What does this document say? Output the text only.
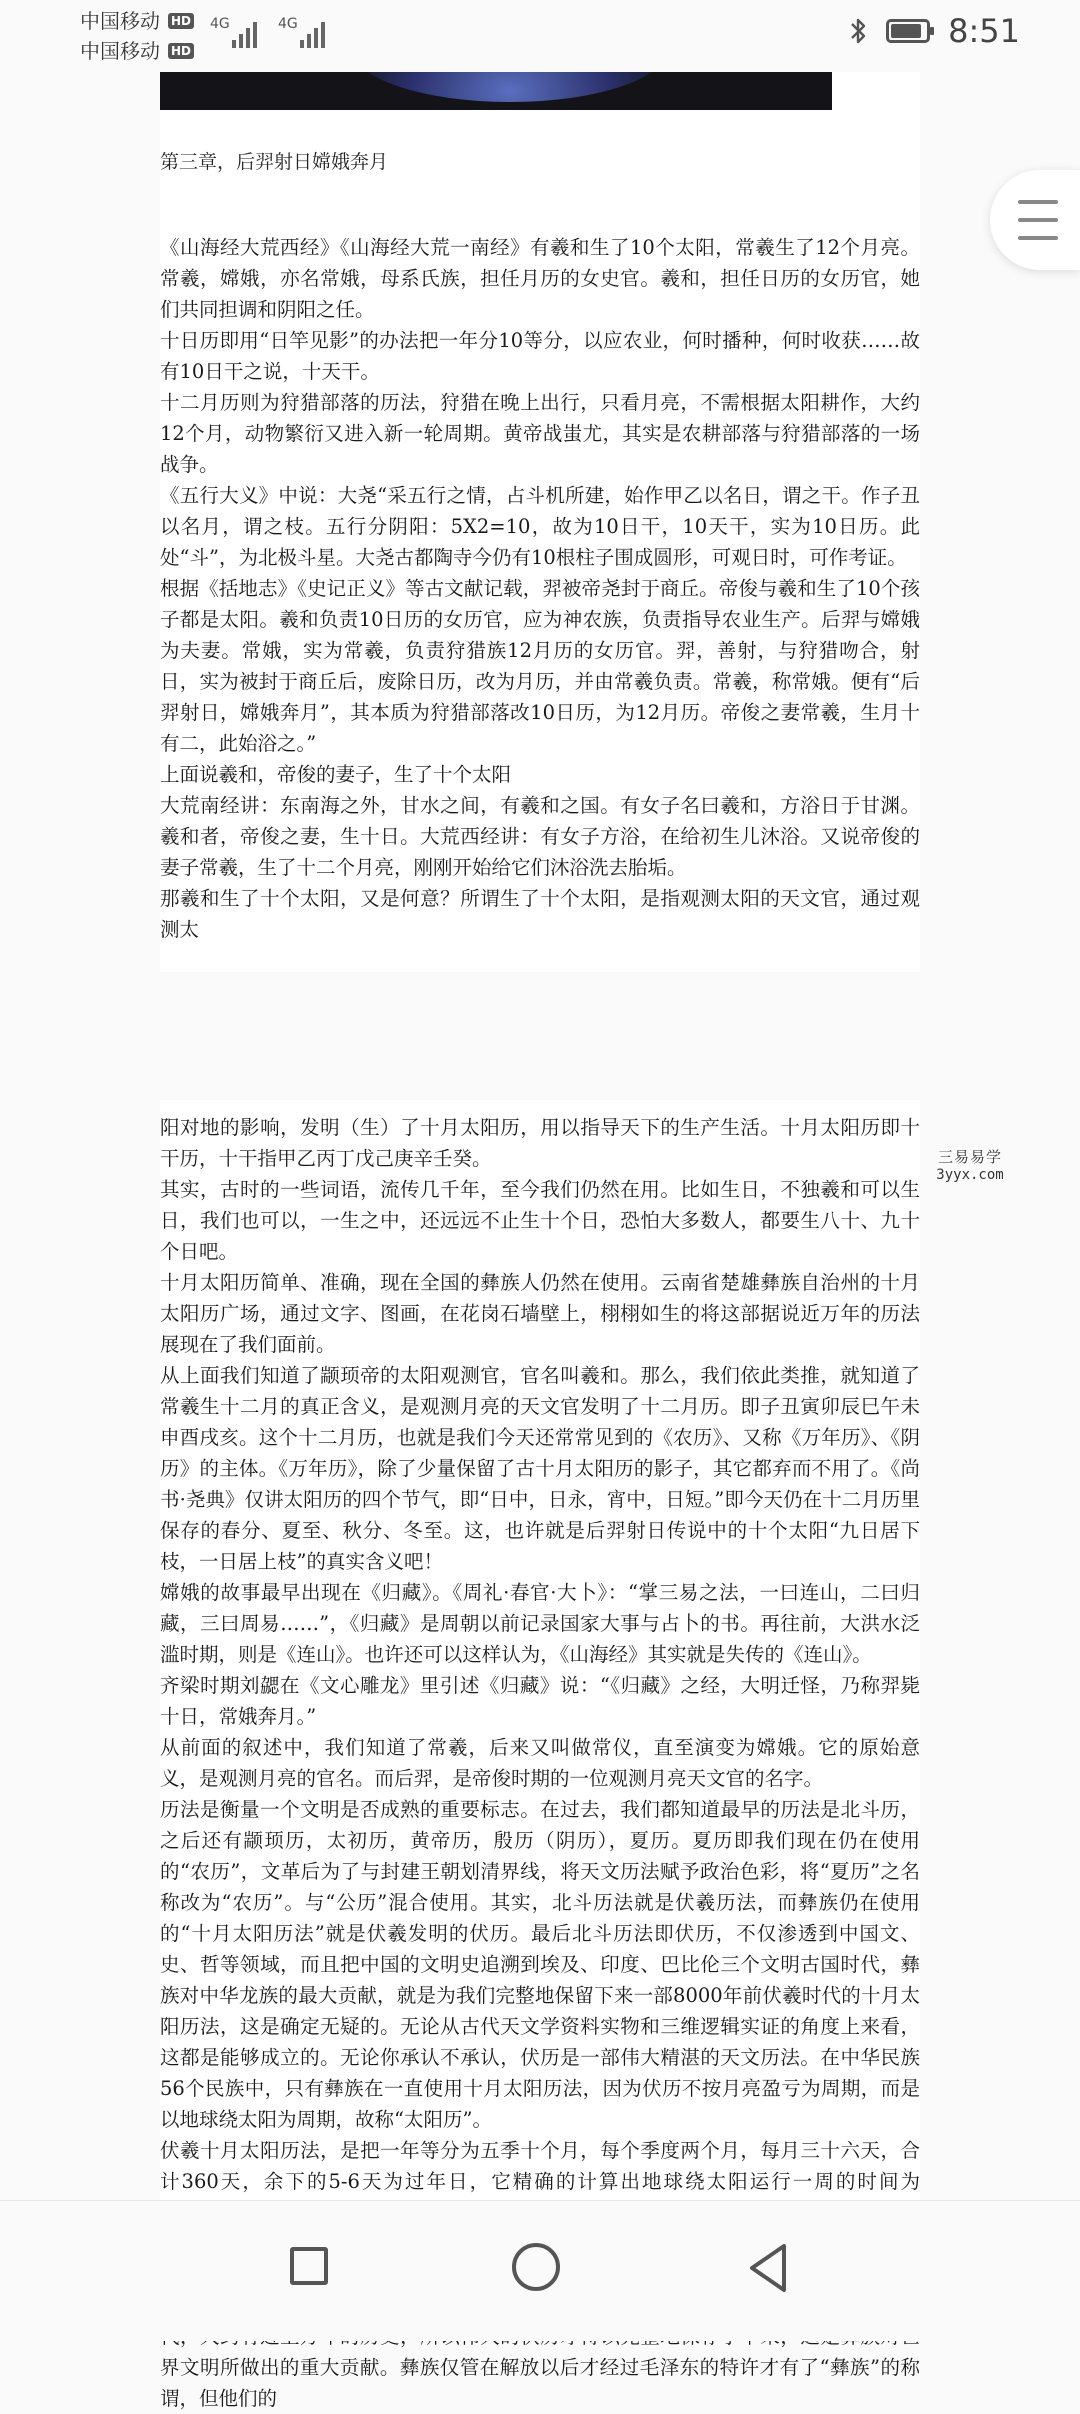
中国移动 HD
中国移动 HD
4G	4G	8:51
第三章，后羿射日嫦娥奔月

《山海经大荒西经》《山海经大荒一南经》有羲和生了10个太阳，常羲生了12个月亮。常羲，嫦娥，亦名常娥，母系氏族，担任月历的女史官。羲和，担任日历的女历官，她们共同担调和阴阳之任。

十日历即用“日竿见影”的办法把一年分10等分，以应农业，何时播种，何时收获……故有10日干之说，十天干。

十二月历则为狩猎部落的历法，狩猎在晚上出行，只看月亮，不需根据太阳耕作，大约12个月，动物繁衍又进入新一轮周期。黄帝战蚩尤，其实是农耕部落与狩猎部落的一场战争。

《五行大义》中说：大尧“采五行之情，占斗机所建，始作甲乙以名日，谓之干。作子丑以名月，谓之枝。五行分阴阳：5X2=10，故为10日干，10天干，实为10日历。此处“斗”，为北极斗星。大尧古都陶寺今仍有10根柱子围成圆形，可观日时，可作考证。

根据《括地志》《史记正义》等古文献记载，羿被帝尧封于商丘。帝俊与羲和生了10个孩子都是太阳。羲和负责10日历的女历官，应为神农族，负责指导农业生产。后羿与嫦娥为夫妻。常娥，实为常羲，负责狩猎族12月历的女历官。羿，善射，与狩猎吻合，射日，实为被封于商丘后，废除日历，改为月历，并由常羲负责。常羲，称常娥。便有“后羿射日，嫦娥奔月”，其本质为狩猎部落改10日历，为12月历。帝俊之妻常羲，生月十有二，此始浴之。”

上面说羲和，帝俊的妻子，生了十个太阳

大荒南经讲：东南海之外，甘水之间，有羲和之国。有女子名曰羲和，方浴日于甘渊。羲和者，帝俊之妻，生十日。大荒西经讲：有女子方浴，在给初生儿沐浴。又说帝俊的妻子常羲，生了十二个月亮，刚刚开始给它们沐浴洗去胎垢。

那羲和生了十个太阳，又是何意？所谓生了十个太阳，是指观测太阳的天文官，通过观测太

阳对地的影响，发明（生）了十月太阳历，用以指导天下的生产生活。十月太阳历即十干历，十干指甲乙丙丁戊己庚辛壬癸。

其实，古时的一些词语，流传几千年，至今我们仍然在用。比如生日，不独羲和可以生日，我们也可以，一生之中，还远远不止生十个日，恐怕大多数人，都要生八十、九十个日吧。

十月太阳历简单、准确，现在全国的彝族人仍然在使用。云南省楚雄彝族自治州的十月太阳历广场，通过文字、图画，在花岗石墙壁上，栩栩如生的将这部据说近万年的历法展现在了我们面前。

从上面我们知道了颛顼帝的太阳观测官，官名叫羲和。那么，我们依此类推，就知道了常羲生十二月的真正含义，是观测月亮的天文官发明了十二月历。即子丑寅卯辰巳午未申酉戌亥。这个十二月历，也就是我们今天还常常见到的《农历》、又称《万年历》、《阴历》的主体。《万年历》，除了少量保留了古十月太阳历的影子，其它都弃而不用了。《尚书·尧典》仅讲太阳历的四个节气，即“日中，日永，宵中，日短。”即今天仍在十二月历里保存的春分、夏至、秋分、冬至。这，也许就是后羿射日传说中的十个太阳“九日居下枝，一日居上枝”的真实含义吧！

嫦娥的故事最早出现在《归藏》。《周礼·春官·大卜》：“掌三易之法，一曰连山，二曰归藏，三曰周易……”，《归藏》是周朝以前记录国家大事与占卜的书。再往前，大洪水泛滥时期，则是《连山》。也许还可以这样认为，《山海经》其实就是失传的《连山》。

齐梁时期刘勰在《文心雕龙》里引述《归藏》说：“《归藏》之经，大明迁怪，乃称羿毙十日，常娥奔月。”

从前面的叙述中，我们知道了常羲，后来又叫做常仪，直至演变为嫦娥。它的原始意义，是观测月亮的官名。而后羿，是帝俊时期的一位观测月亮天文官的名字。

历法是衡量一个文明是否成熟的重要标志。在过去，我们都知道最早的历法是北斗历，之后还有颛顼历，太初历，黄帝历，殷历（阴历），夏历。夏历即我们现在仍在使用的“农历”，文革后为了与封建王朝划清界线，将天文历法赋予政治色彩，将“夏历”之名称改为“农历”。与“公历”混合使用。其实，北斗历法就是伏羲历法，而彝族仍在使用的“十月太阳历法”就是伏羲发明的伏历。最后北斗历法即伏历，不仅渗透到中国文、史、哲等领域，而且把中国的文明史追溯到埃及、印度、巴比伦三个文明古国时代，彝族对中华龙族的最大贡献，就是为我们完整地保留下来一部8000年前伏羲时代的十月太阳历法，这是确定无疑的。无论从古代天文学资料实物和三维逻辑实证的角度上来看，这都是能够成立的。无论你承认不承认，伏历是一部伟大精湛的天文历法。在中华民族56个民族中，只有彝族在一直使用十月太阳历法，因为伏历不按月亮盈亏为周期，而是以地球绕太阳为周期，故称“太阳历”。

伏羲十月太阳历法，是把一年等分为五季十个月，每个季度两个月，每月三十六天，合计360天，余下的5-6天为过年日，它精确的计算出地球绕太阳运行一周的时间为

界文明所做出的重大贡献。彝族仅管在解放以后才经过毛泽东的特许才有了“彝族”的称谓，但他们的

三易易学
3yyx.com
